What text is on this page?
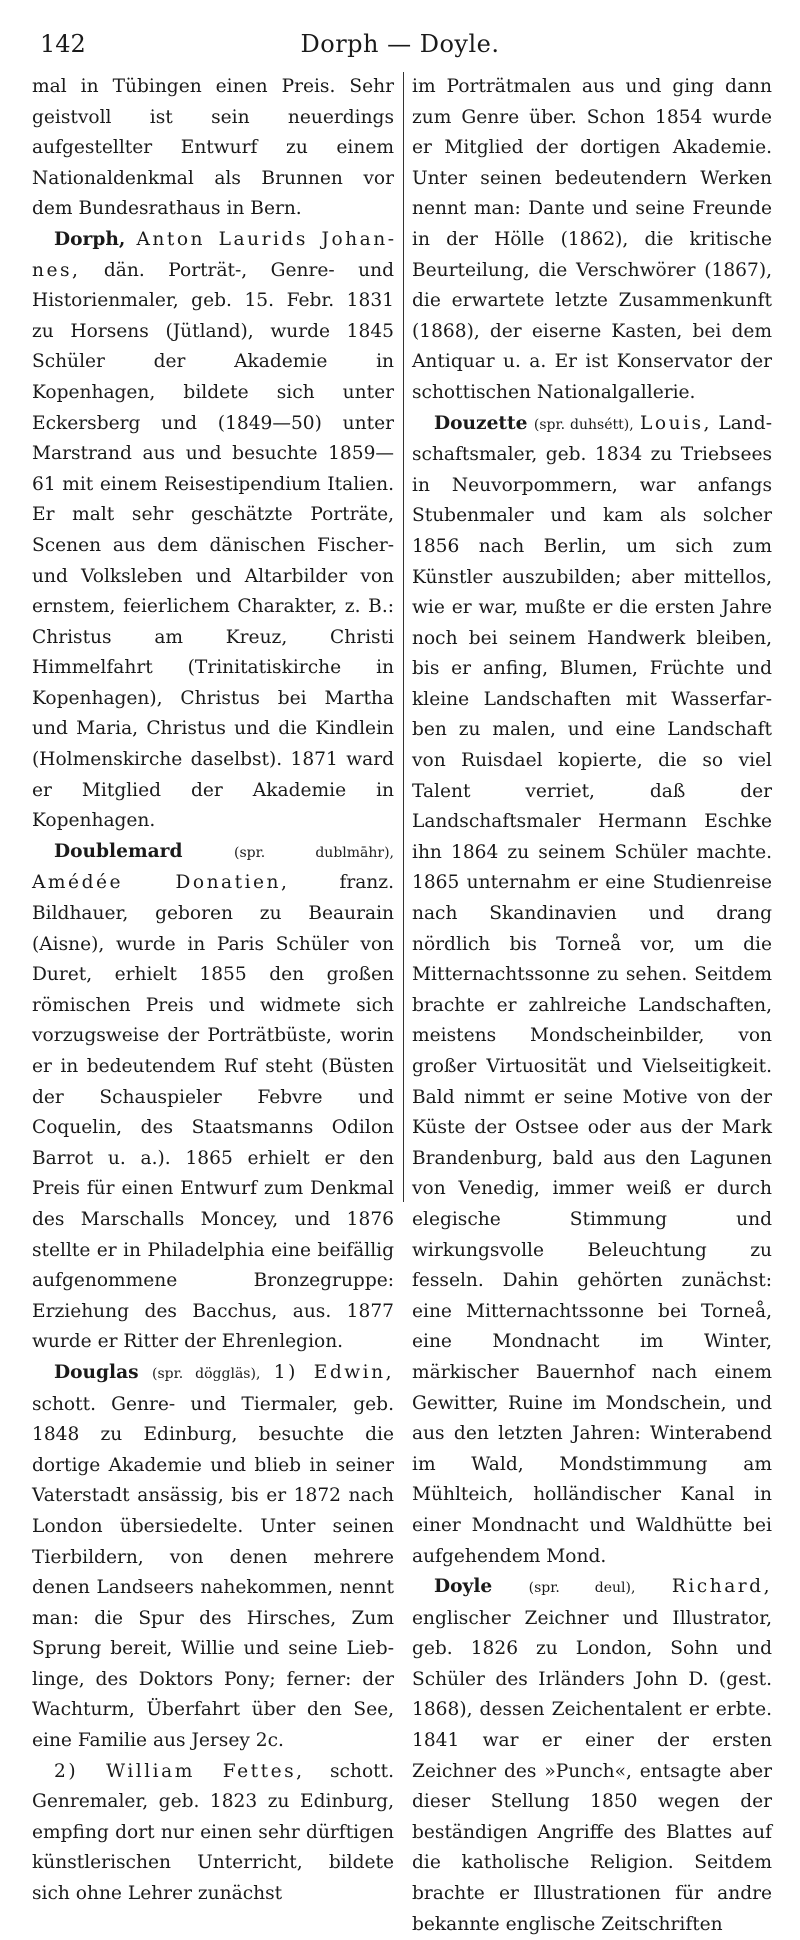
142	Dorph — Doyle.

mal in Tübingen einen Preis. Sehr geistvoll ist sein neuerdings aufgestellter Entwurf zu einem Nationaldenkmal als Brunnen vor dem Bundesrathaus in Bern.

Dorph, Anton Laurids Johannes, dän. Porträt-, Genre- und Historienmaler, geb. 15. Febr. 1831 zu Horsens (Jütland), wurde 1845 Schüler der Akademie in Kopenhagen, bildete sich unter Eckersberg und (1849—50) unter Marstrand aus und besuchte 1859—61 mit einem Reisestipendium Italien. Er malt sehr geschätzte Porträte, Scenen aus dem dänischen Fischer- und Volksleben und Altarbilder von ernstem, feierlichem Charakter, z. B.: Christus am Kreuz, Christi Himmelfahrt (Trinitatiskirche in Kopenhagen), Christus bei Martha und Maria, Christus und die Kindlein (Holmenskirche daselbst). 1871 ward er Mitglied der Akademie in Kopenhagen.

Doublemard	(spr. dublmāhr), Amédée Donatien,	franz. Bildhauer, geboren zu Beaurain (Aisne), wurde in Paris Schüler von Duret, erhielt 1855 den großen römischen Preis und widmete sich vorzugsweise der Porträtbüste, worin er in bedeutendem Ruf steht (Büsten der Schauspieler Febvre und Coquelin, des Staatsmanns Odilon Barrot u. a.). 1865 erhielt er den Preis für einen Entwurf zum Denkmal des Marschalls Moncey, und 1876 stellte er in Philadelphia eine beifällig aufgenommene Bronzegruppe: Erziehung des Bacchus, aus. 1877 wurde er Ritter der Ehrenlegion.

Douglas (spr. döggläs), 1) Edwin, schott. Genre- und Tiermaler, geb. 1848 zu Edinburg, besuchte die dortige Akademie und blieb in seiner Vaterstadt ansässig, bis er 1872 nach London übersiedelte. Unter seinen Tierbildern, von denen mehrere denen Landseers nahekommen, nennt man: die Spur des Hirsches, Zum Sprung bereit, Willie und seine Lieblinge, des Doktors Pony; ferner: der Wachturm, Überfahrt über den See, eine Familie aus Jersey 2c.

2) William Fettes, schott. Genremaler, geb. 1823 zu Edinburg, empfing dort nur einen sehr dürftigen künstlerischen Unterricht, bildete sich ohne Lehrer zunächst

im Porträtmalen aus und ging dann zum Genre über. Schon 1854 wurde er Mitglied der dortigen Akademie. Unter seinen bedeutendern Werken nennt man: Dante und seine Freunde in der Hölle (1862), die kritische Beurteilung, die Verschwörer (1867), die erwartete letzte Zusammenkunft (1868), der eiserne Kasten, bei dem Antiquar u. a. Er ist Konservator der schottischen Nationalgallerie.

Douzette (spr. duhsétt), Louis, Landschaftsmaler, geb. 1834 zu Triebsees in Neuvorpommern, war anfangs Stubenmaler und kam als solcher 1856 nach Berlin, um sich zum Künstler auszubilden; aber mittellos, wie er war, mußte er die ersten Jahre noch bei seinem Handwerk bleiben, bis er anfing, Blumen, Früchte und kleine Landschaften mit Wasserfarben zu malen, und eine Landschaft von Ruisdael kopierte, die so viel Talent verriet, daß der Landschaftsmaler Hermann Eschke ihn 1864 zu seinem Schüler machte. 1865 unternahm er eine Studienreise nach Skandinavien und drang nördlich bis Torneå vor, um die Mitternachtssonne zu sehen. Seitdem brachte er zahlreiche Landschaften, meistens Mondscheinbilder, von großer Virtuosität und Vielseitigkeit. Bald nimmt er seine Motive von der Küste der Ostsee oder aus der Mark Brandenburg, bald aus den Lagunen von Venedig, immer weiß er durch elegische Stimmung und wirkungsvolle Beleuchtung zu fesseln. Dahin gehörten zunächst: eine Mitternachtssonne bei Torneå, eine Mondnacht im Winter, märkischer Bauernhof nach einem Gewitter, Ruine im Mondschein, und aus den letzten Jahren: Winterabend im Wald, Mondstimmung am Mühlteich, holländischer Kanal in einer Mondnacht und Waldhütte bei aufgehendem Mond.

Doyle	(spr. deul), Richard, englischer Zeichner und Illustrator, geb. 1826 zu London, Sohn und Schüler des Irländers John D. (gest. 1868), dessen Zeichentalent er erbte. 1841 war er einer der ersten Zeichner des »Punch«, entsagte aber dieser Stellung 1850 wegen der beständigen Angriffe des Blattes auf die katholische Religion. Seitdem brachte er Illustrationen für andre bekannte englische Zeitschriften
